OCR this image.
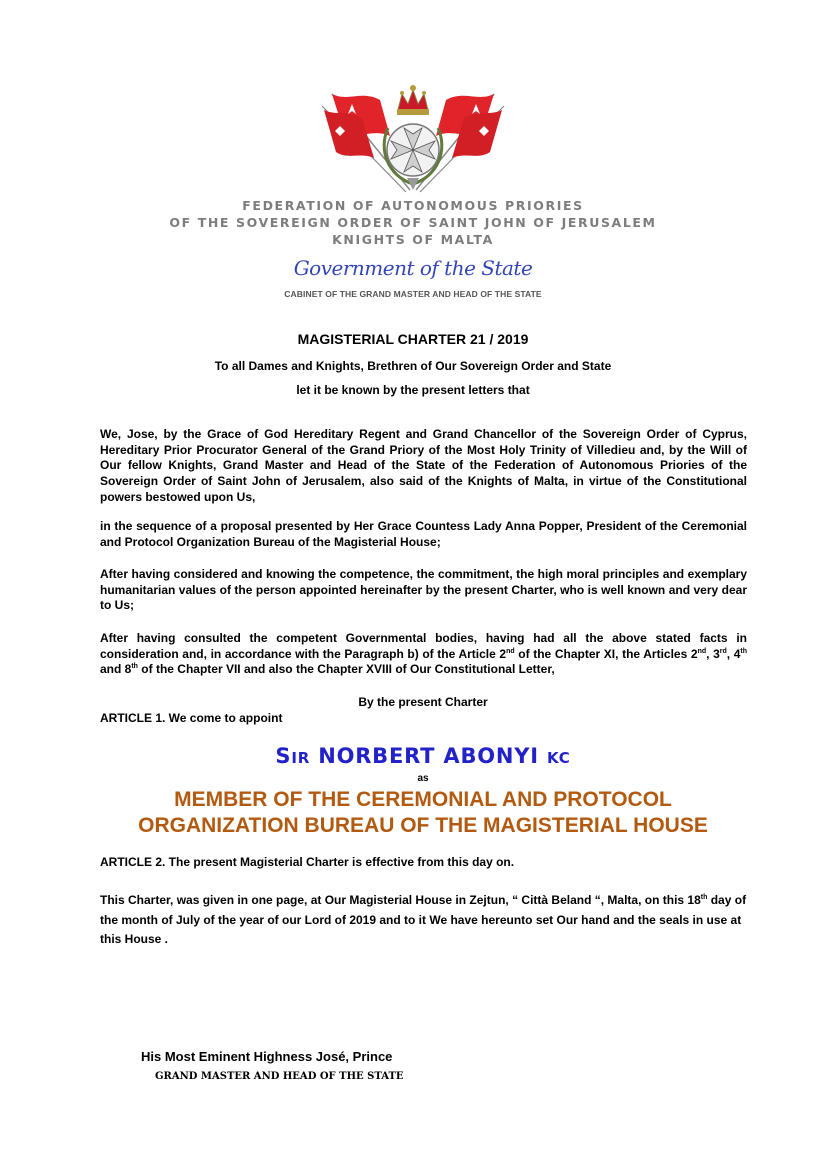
FEDERATION OF AUTONOMOUS PRIORIES
OF THE SOVEREIGN ORDER OF SAINT JOHN OF JERUSALEM
KNIGHTS OF MALTA
Government of the State
CABINET OF THE GRAND MASTER AND HEAD OF THE STATE
MAGISTERIAL CHARTER 21 / 2019
To all Dames and Knights, Brethren of Our Sovereign Order and State
let it be known by the present letters that

We, Jose, by the Grace of God Hereditary Regent and Grand Chancellor of the Sovereign Order of Cyprus, Hereditary Prior Procurator General of the Grand Priory of the Most Holy Trinity of Villedieu and, by the Will of Our fellow Knights, Grand Master and Head of the State of the Federation of Autonomous Priories of the Sovereign Order of Saint John of Jerusalem, also said of the Knights of Malta, in virtue of the Constitutional powers bestowed upon Us,

in the sequence of a proposal presented by Her Grace Countess Lady Anna Popper, President of the Ceremonial and Protocol Organization Bureau of the Magisterial House;

After having considered and knowing the competence, the commitment, the high moral principles and exemplary humanitarian values of the person appointed hereinafter by the present Charter, who is well known and very dear to Us;

After having consulted the competent Governmental bodies, having had all the above stated facts in consideration and, in accordance with the Paragraph b) of the Article 2nd of the Chapter XI, the Articles 2nd, 3rd, 4th and 8th of the Chapter VII and also the Chapter XVIII of Our Constitutional Letter,

By the present Charter
ARTICLE 1. We come to appoint
Sir NORBERT ABONYI KC
as
MEMBER OF THE CEREMONIAL AND PROTOCOL
ORGANIZATION BUREAU OF THE MAGISTERIAL HOUSE
ARTICLE 2. The present Magisterial Charter is effective from this day on.

This Charter, was given in one page, at Our Magisterial House in Zejtun, “ Città Beland “, Malta, on this 18th day of the month of July of the year of our Lord of 2019 and to it We have hereunto set Our hand and the seals in use at this House .

His Most Eminent Highness José, Prince
GRAND MASTER AND HEAD OF THE STATE
